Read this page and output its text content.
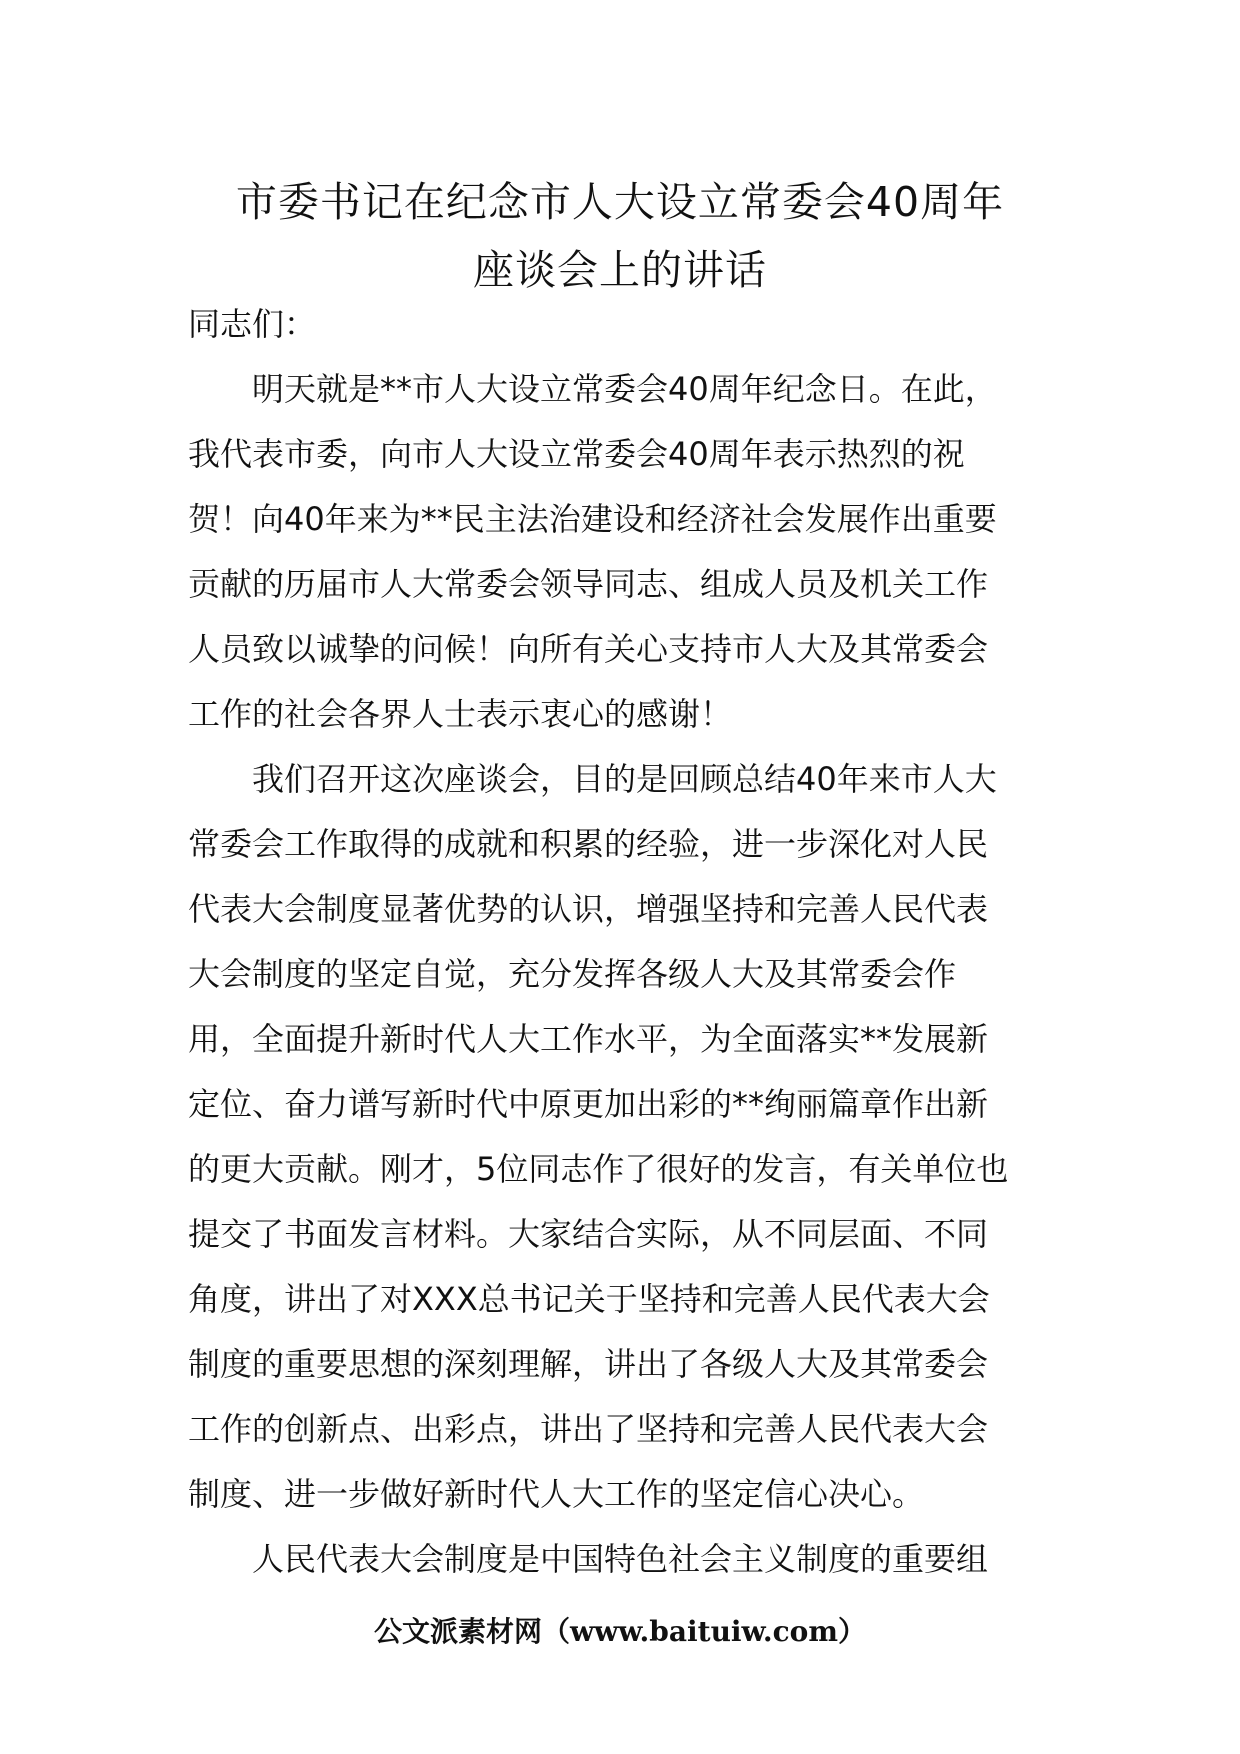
市委书记在纪念市人大设立常委会40周年
座谈会上的讲话
同志们：
明天就是**市人大设立常委会40周年纪念日。在此，
我代表市委，向市人大设立常委会40周年表示热烈的祝
贺！向40年来为**民主法治建设和经济社会发展作出重要
贡献的历届市人大常委会领导同志、组成人员及机关工作
人员致以诚挚的问候！向所有关心支持市人大及其常委会
工作的社会各界人士表示衷心的感谢！
我们召开这次座谈会，目的是回顾总结40年来市人大
常委会工作取得的成就和积累的经验，进一步深化对人民
代表大会制度显著优势的认识，增强坚持和完善人民代表
大会制度的坚定自觉，充分发挥各级人大及其常委会作
用，全面提升新时代人大工作水平，为全面落实**发展新
定位、奋力谱写新时代中原更加出彩的**绚丽篇章作出新
的更大贡献。刚才，5位同志作了很好的发言，有关单位也
提交了书面发言材料。大家结合实际，从不同层面、不同
角度，讲出了对XXX总书记关于坚持和完善人民代表大会
制度的重要思想的深刻理解，讲出了各级人大及其常委会
工作的创新点、出彩点，讲出了坚持和完善人民代表大会
制度、进一步做好新时代人大工作的坚定信心决心。
人民代表大会制度是中国特色社会主义制度的重要组
公文派素材网（www.baituiw.com）
